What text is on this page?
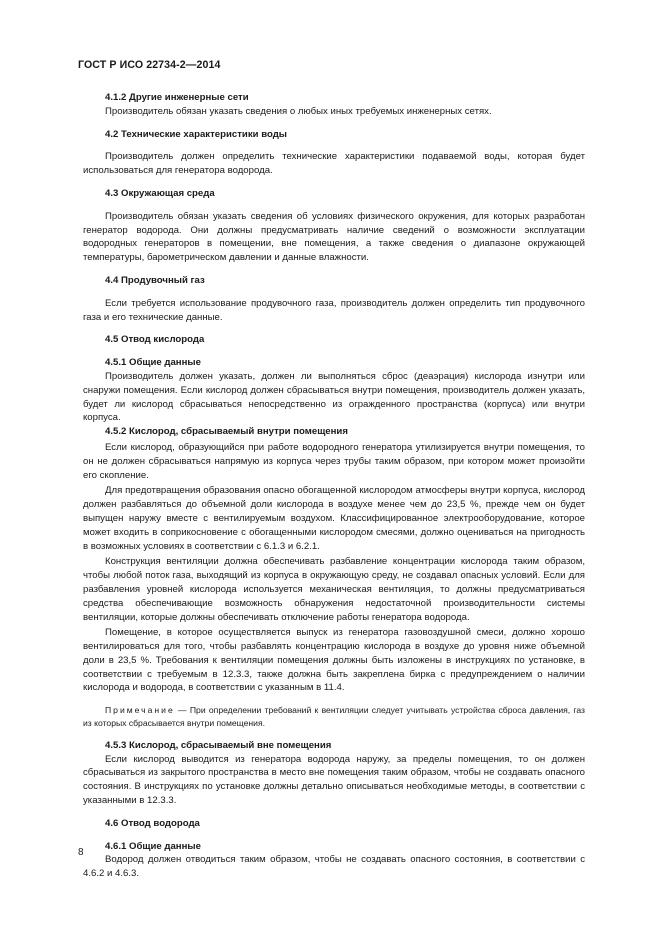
ГОСТ Р ИСО 22734-2—2014

4.1.2 Другие инженерные сети

Производитель обязан указать сведения о любых иных требуемых инженерных сетях.

4.2 Технические характеристики воды

Производитель должен определить технические характеристики подаваемой воды, которая будет использоваться для генератора водорода.

4.3 Окружающая среда

Производитель обязан указать сведения об условиях физического окружения, для которых разработан генератор водорода. Они должны предусматривать наличие сведений о возможности эксплуатации водородных генераторов в помещении, вне помещения, а также сведения о диапазоне окружающей температуры, барометрическом давлении и данные влажности.

4.4 Продувочный газ

Если требуется использование продувочного газа, производитель должен определить тип продувочного газа и его технические данные.

4.5 Отвод кислорода

4.5.1 Общие данные

Производитель должен указать, должен ли выполняться сброс (деаэрация) кислорода изнутри или снаружи помещения. Если кислород должен сбрасываться внутри помещения, производитель должен указать, будет ли кислород сбрасываться непосредственно из огражденного пространства (корпуса) или внутри корпуса.

4.5.2 Кислород, сбрасываемый внутри помещения

Если кислород, образующийся при работе водородного генератора утилизируется внутри помещения, то он не должен сбрасываться напрямую из корпуса через трубы таким образом, при котором может произойти его скопление.

Для предотвращения образования опасно обогащенной кислородом атмосферы внутри корпуса, кислород должен разбавляться до объемной доли кислорода в воздухе менее чем до 23,5 %, прежде чем он будет выпущен наружу вместе с вентилируемым воздухом. Классифицированное электрооборудование, которое может входить в соприкосновение с обогащенными кислородом смесями, должно оцениваться на пригодность в возможных условиях в соответствии с 6.1.3 и 6.2.1.

Конструкция вентиляции должна обеспечивать разбавление концентрации кислорода таким образом, чтобы любой поток газа, выходящий из корпуса в окружающую среду, не создавал опасных условий. Если для разбавления уровней кислорода используется механическая вентиляция, то должны предусматриваться средства обеспечивающие возможность обнаружения недостаточной производительности системы вентиляции, которые должны обеспечивать отключение работы генератора водорода.

Помещение, в которое осуществляется выпуск из генератора газовоздушной смеси, должно хорошо вентилироваться для того, чтобы разбавлять концентрацию кислорода в воздухе до уровня ниже объемной доли в 23,5 %. Требования к вентиляции помещения должны быть изложены в инструкциях по установке, в соответствии с требуемым в 12.3.3, также должна быть закреплена бирка с предупреждением о наличии кислорода и водорода, в соответствии с указанным в 11.4.

Примечание — При определении требований к вентиляции следует учитывать устройства сброса давления, газ из которых сбрасывается внутри помещения.

4.5.3 Кислород, сбрасываемый вне помещения

Если кислород выводится из генератора водорода наружу, за пределы помещения, то он должен сбрасываться из закрытого пространства в место вне помещения таким образом, чтобы не создавать опасного состояния. В инструкциях по установке должны детально описываться необходимые методы, в соответствии с указанными в 12.3.3.

4.6 Отвод водорода

4.6.1 Общие данные

Водород должен отводиться таким образом, чтобы не создавать опасного состояния, в соответствии с 4.6.2 и 4.6.3.

8
